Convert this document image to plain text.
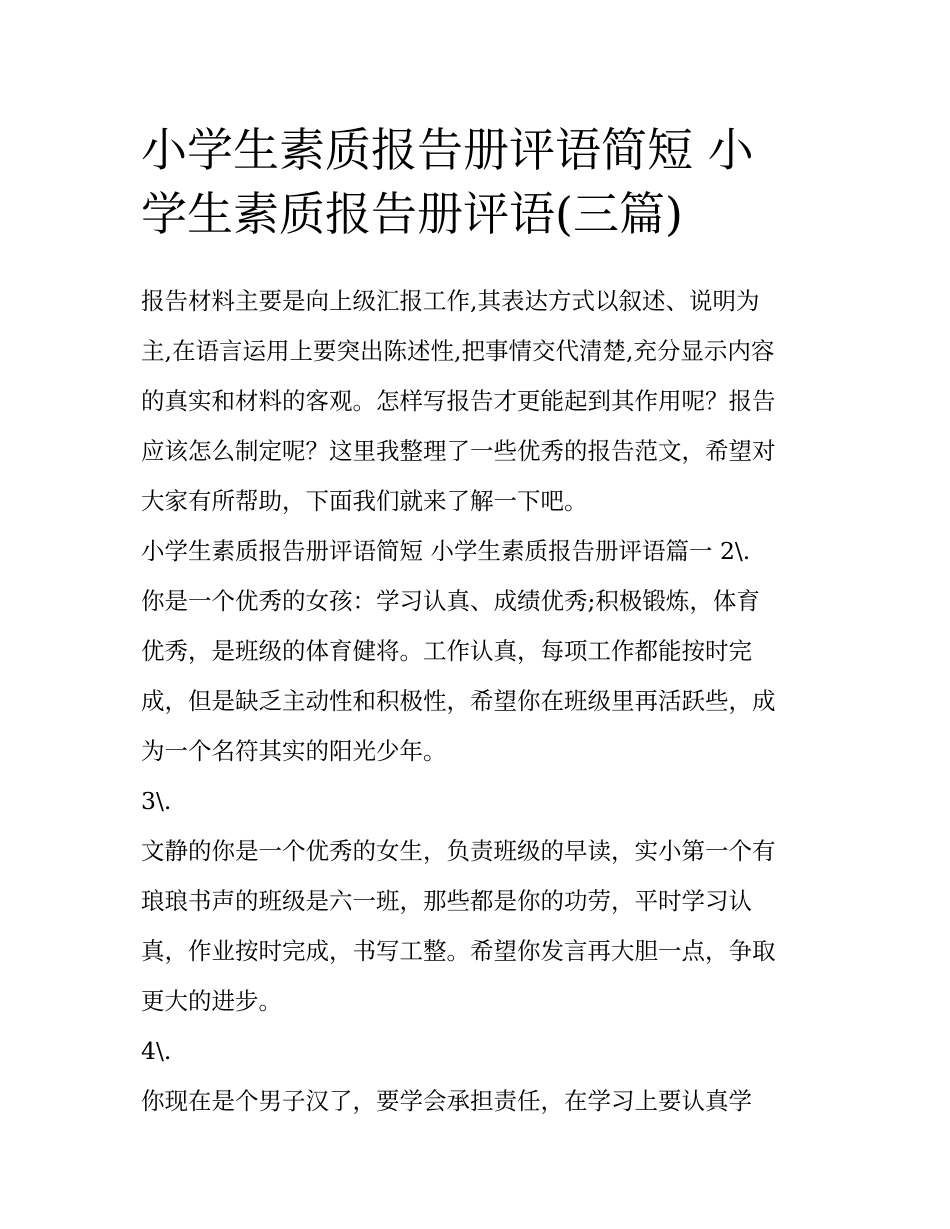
小学生素质报告册评语简短 小
学生素质报告册评语(三篇)
报告材料主要是向上级汇报工作,其表达方式以叙述、说明为
主,在语言运用上要突出陈述性,把事情交代清楚,充分显示内容
的真实和材料的客观。怎样写报告才更能起到其作用呢？报告
应该怎么制定呢？这里我整理了一些优秀的报告范文，希望对
大家有所帮助，下面我们就来了解一下吧。
小学生素质报告册评语简短 小学生素质报告册评语篇一 2\.
你是一个优秀的女孩：学习认真、成绩优秀;积极锻炼，体育
优秀，是班级的体育健将。工作认真，每项工作都能按时完
成，但是缺乏主动性和积极性，希望你在班级里再活跃些，成
为一个名符其实的阳光少年。
3\.
文静的你是一个优秀的女生，负责班级的早读，实小第一个有
琅琅书声的班级是六一班，那些都是你的功劳，平时学习认
真，作业按时完成，书写工整。希望你发言再大胆一点，争取
更大的进步。
4\.
你现在是个男子汉了，要学会承担责任，在学习上要认真学
